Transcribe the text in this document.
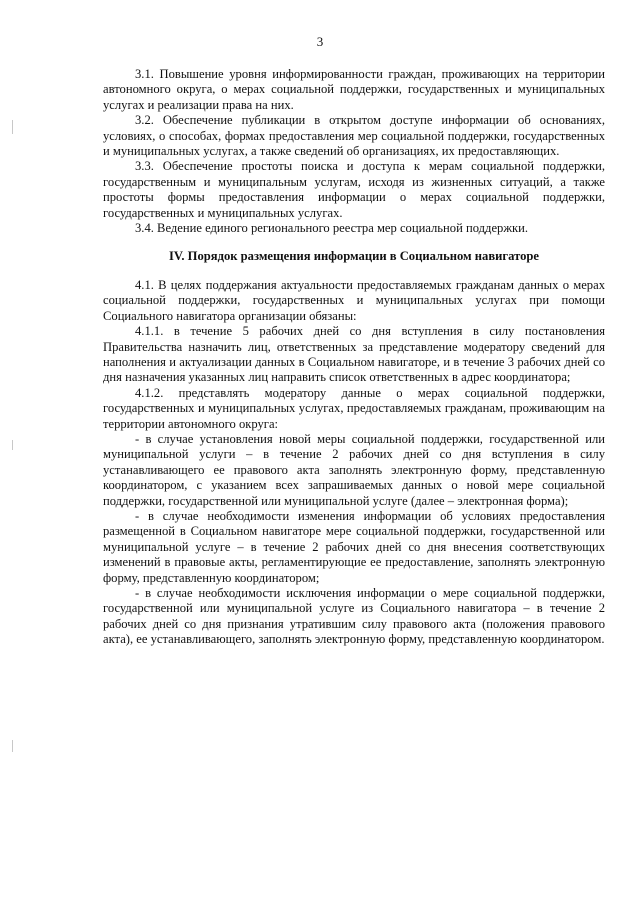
3

3.1. Повышение уровня информированности граждан, проживающих на территории автономного округа, о мерах социальной поддержки, государственных и муниципальных услугах и реализации права на них.

3.2. Обеспечение публикации в открытом доступе информации об основаниях, условиях, о способах, формах предоставления мер социальной поддержки, государственных и муниципальных услугах, а также сведений об организациях, их предоставляющих.

3.3. Обеспечение простоты поиска и доступа к мерам социальной поддержки, государственным и муниципальным услугам, исходя из жизненных ситуаций, а также простоты формы предоставления информации о мерах социальной поддержки, государственных и муниципальных услугах.

3.4. Ведение единого регионального реестра мер социальной поддержки.

IV. Порядок размещения информации в Социальном навигаторе

4.1. В целях поддержания актуальности предоставляемых гражданам данных о мерах социальной поддержки, государственных и муниципальных услугах при помощи Социального навигатора организации обязаны:

4.1.1. в течение 5 рабочих дней со дня вступления в силу постановления Правительства назначить лиц, ответственных за представление модератору сведений для наполнения и актуализации данных в Социальном навигаторе, и в течение 3 рабочих дней со дня назначения указанных лиц направить список ответственных в адрес координатора;

4.1.2. представлять модератору данные о мерах социальной поддержки, государственных и муниципальных услугах, предоставляемых гражданам, проживающим на территории автономного округа:

- в случае установления новой меры социальной поддержки, государственной или муниципальной услуги – в течение 2 рабочих дней со дня вступления в силу устанавливающего ее правового акта заполнять электронную форму, представленную координатором, с указанием всех запрашиваемых данных о новой мере социальной поддержки, государственной или муниципальной услуге (далее – электронная форма);

- в случае необходимости изменения информации об условиях предоставления размещенной в Социальном навигаторе мере социальной поддержки, государственной или муниципальной услуге – в течение 2 рабочих дней со дня внесения соответствующих изменений в правовые акты, регламентирующие ее предоставление, заполнять электронную форму, представленную координатором;

- в случае необходимости исключения информации о мере социальной поддержки, государственной или муниципальной услуге из Социального навигатора – в течение 2 рабочих дней со дня признания утратившим силу правового акта (положения правового акта), ее устанавливающего, заполнять электронную форму, представленную координатором.
